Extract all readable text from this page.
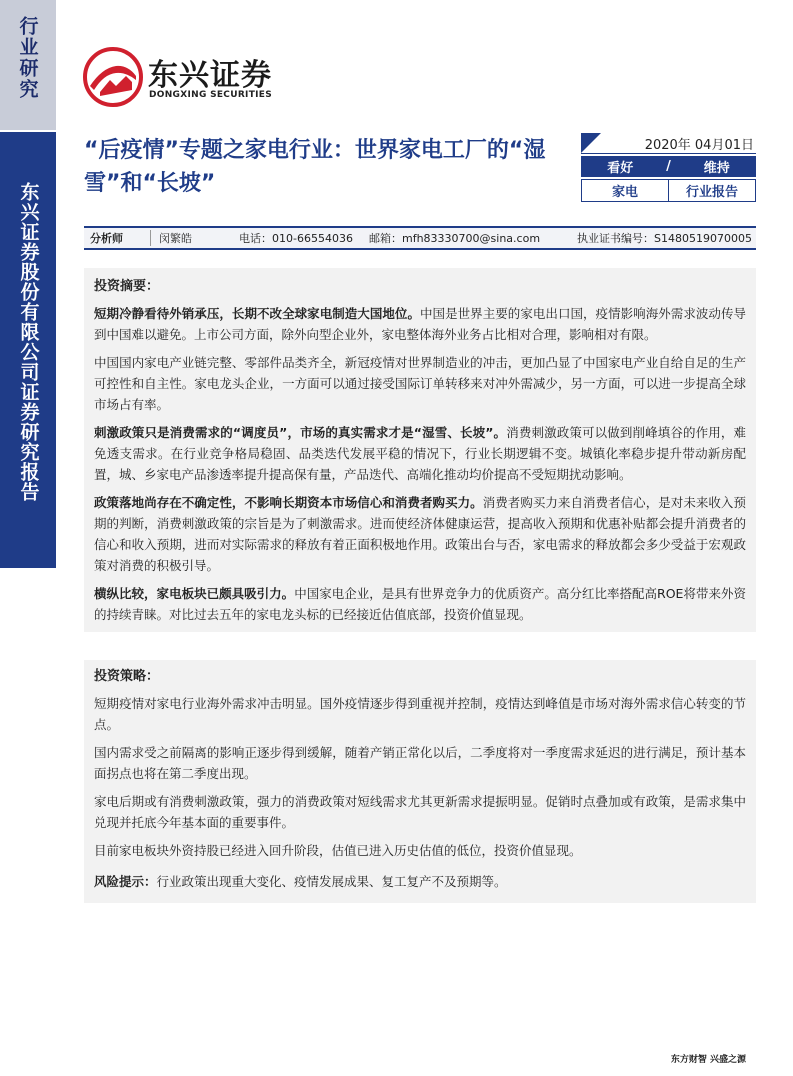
行业研究
东兴证券股份有限公司证券研究报告
东兴证券
DONGXING SECURITIES
“后疫情”专题之家电行业：世界家电工厂的“湿雪”和“长坡”
2020年 04月01日
看好	/	维持
家电	行业报告
分析师	闵繁皓	电话：010-66554036	邮箱：mfh83330700@sina.com	执业证书编号：S1480519070005
投资摘要：

短期冷静看待外销承压，长期不改全球家电制造大国地位。中国是世界主要的家电出口国，疫情影响海外需求波动传导到中国难以避免。上市公司方面，除外向型企业外，家电整体海外业务占比相对合理，影响相对有限。

中国国内家电产业链完整、零部件品类齐全，新冠疫情对世界制造业的冲击，更加凸显了中国家电产业自给自足的生产可控性和自主性。家电龙头企业，一方面可以通过接受国际订单转移来对冲外需减少，另一方面，可以进一步提高全球市场占有率。

刺激政策只是消费需求的“调度员”，市场的真实需求才是“湿雪、长坡”。消费刺激政策可以做到削峰填谷的作用，难免透支需求。在行业竞争格局稳固、品类迭代发展平稳的情况下，行业长期逻辑不变。城镇化率稳步提升带动新房配置，城、乡家电产品渗透率提升提高保有量，产品迭代、高端化推动均价提高不受短期扰动影响。

政策落地尚存在不确定性，不影响长期资本市场信心和消费者购买力。消费者购买力来自消费者信心，是对未来收入预期的判断，消费刺激政策的宗旨是为了刺激需求。进而使经济体健康运营，提高收入预期和优惠补贴都会提升消费者的信心和收入预期，进而对实际需求的释放有着正面积极地作用。政策出台与否，家电需求的释放都会多少受益于宏观政策对消费的积极引导。

横纵比较，家电板块已颇具吸引力。中国家电企业，是具有世界竞争力的优质资产。高分红比率搭配高ROE将带来外资的持续青睐。对比过去五年的家电龙头标的已经接近估值底部，投资价值显现。

投资策略：

短期疫情对家电行业海外需求冲击明显。国外疫情逐步得到重视并控制，疫情达到峰值是市场对海外需求信心转变的节点。

国内需求受之前隔离的影响正逐步得到缓解，随着产销正常化以后，二季度将对一季度需求延迟的进行满足，预计基本面拐点也将在第二季度出现。

家电后期或有消费刺激政策，强力的消费政策对短线需求尤其更新需求提振明显。促销时点叠加或有政策，是需求集中兑现并托底今年基本面的重要事件。

目前家电板块外资持股已经进入回升阶段，估值已进入历史估值的低位，投资价值显现。

风险提示：行业政策出现重大变化、疫情发展成果、复工复产不及预期等。

东方财智 兴盛之源
